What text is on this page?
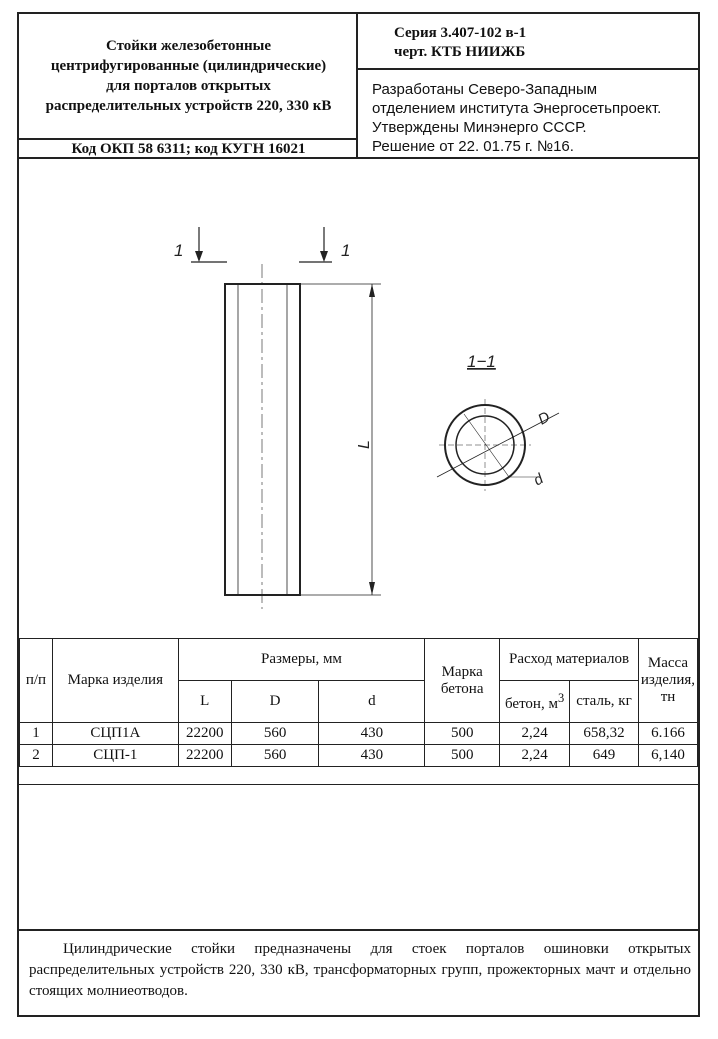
Стойки железобетонные
центрифугированные (цилиндрические)
для порталов открытых
распределительных устройств 220, 330 кВ
Код ОКП 58 6311; код КУГН 16021
Серия 3.407-102 в-1
черт. КТБ НИИЖБ
Разработаны Северо-Западным
отделением института Энергосетьпроект.
Утверждены Минэнерго СССР.
Решение от 22. 01.75 г. №16.
1	1
L
1−1
D
d
п/п	Марка изделия	Размеры, мм			Марка бетона	Расход материалов		Масса изделия, тн
		L	D	d		бетон, $м^3$	сталь, кг	
1	СЦП1А	22200	560	430	500	2,24	658,32	6.166
2	СЦП-1	22200	560	430	500	2,24	649	6,140
Цилиндрические стойки предназначены для стоек порталов ошиновки открытых распределительных устройств 220, 330 кВ, трансформаторных групп, прожекторных мачт и отдельно стоящих молниеотводов.
